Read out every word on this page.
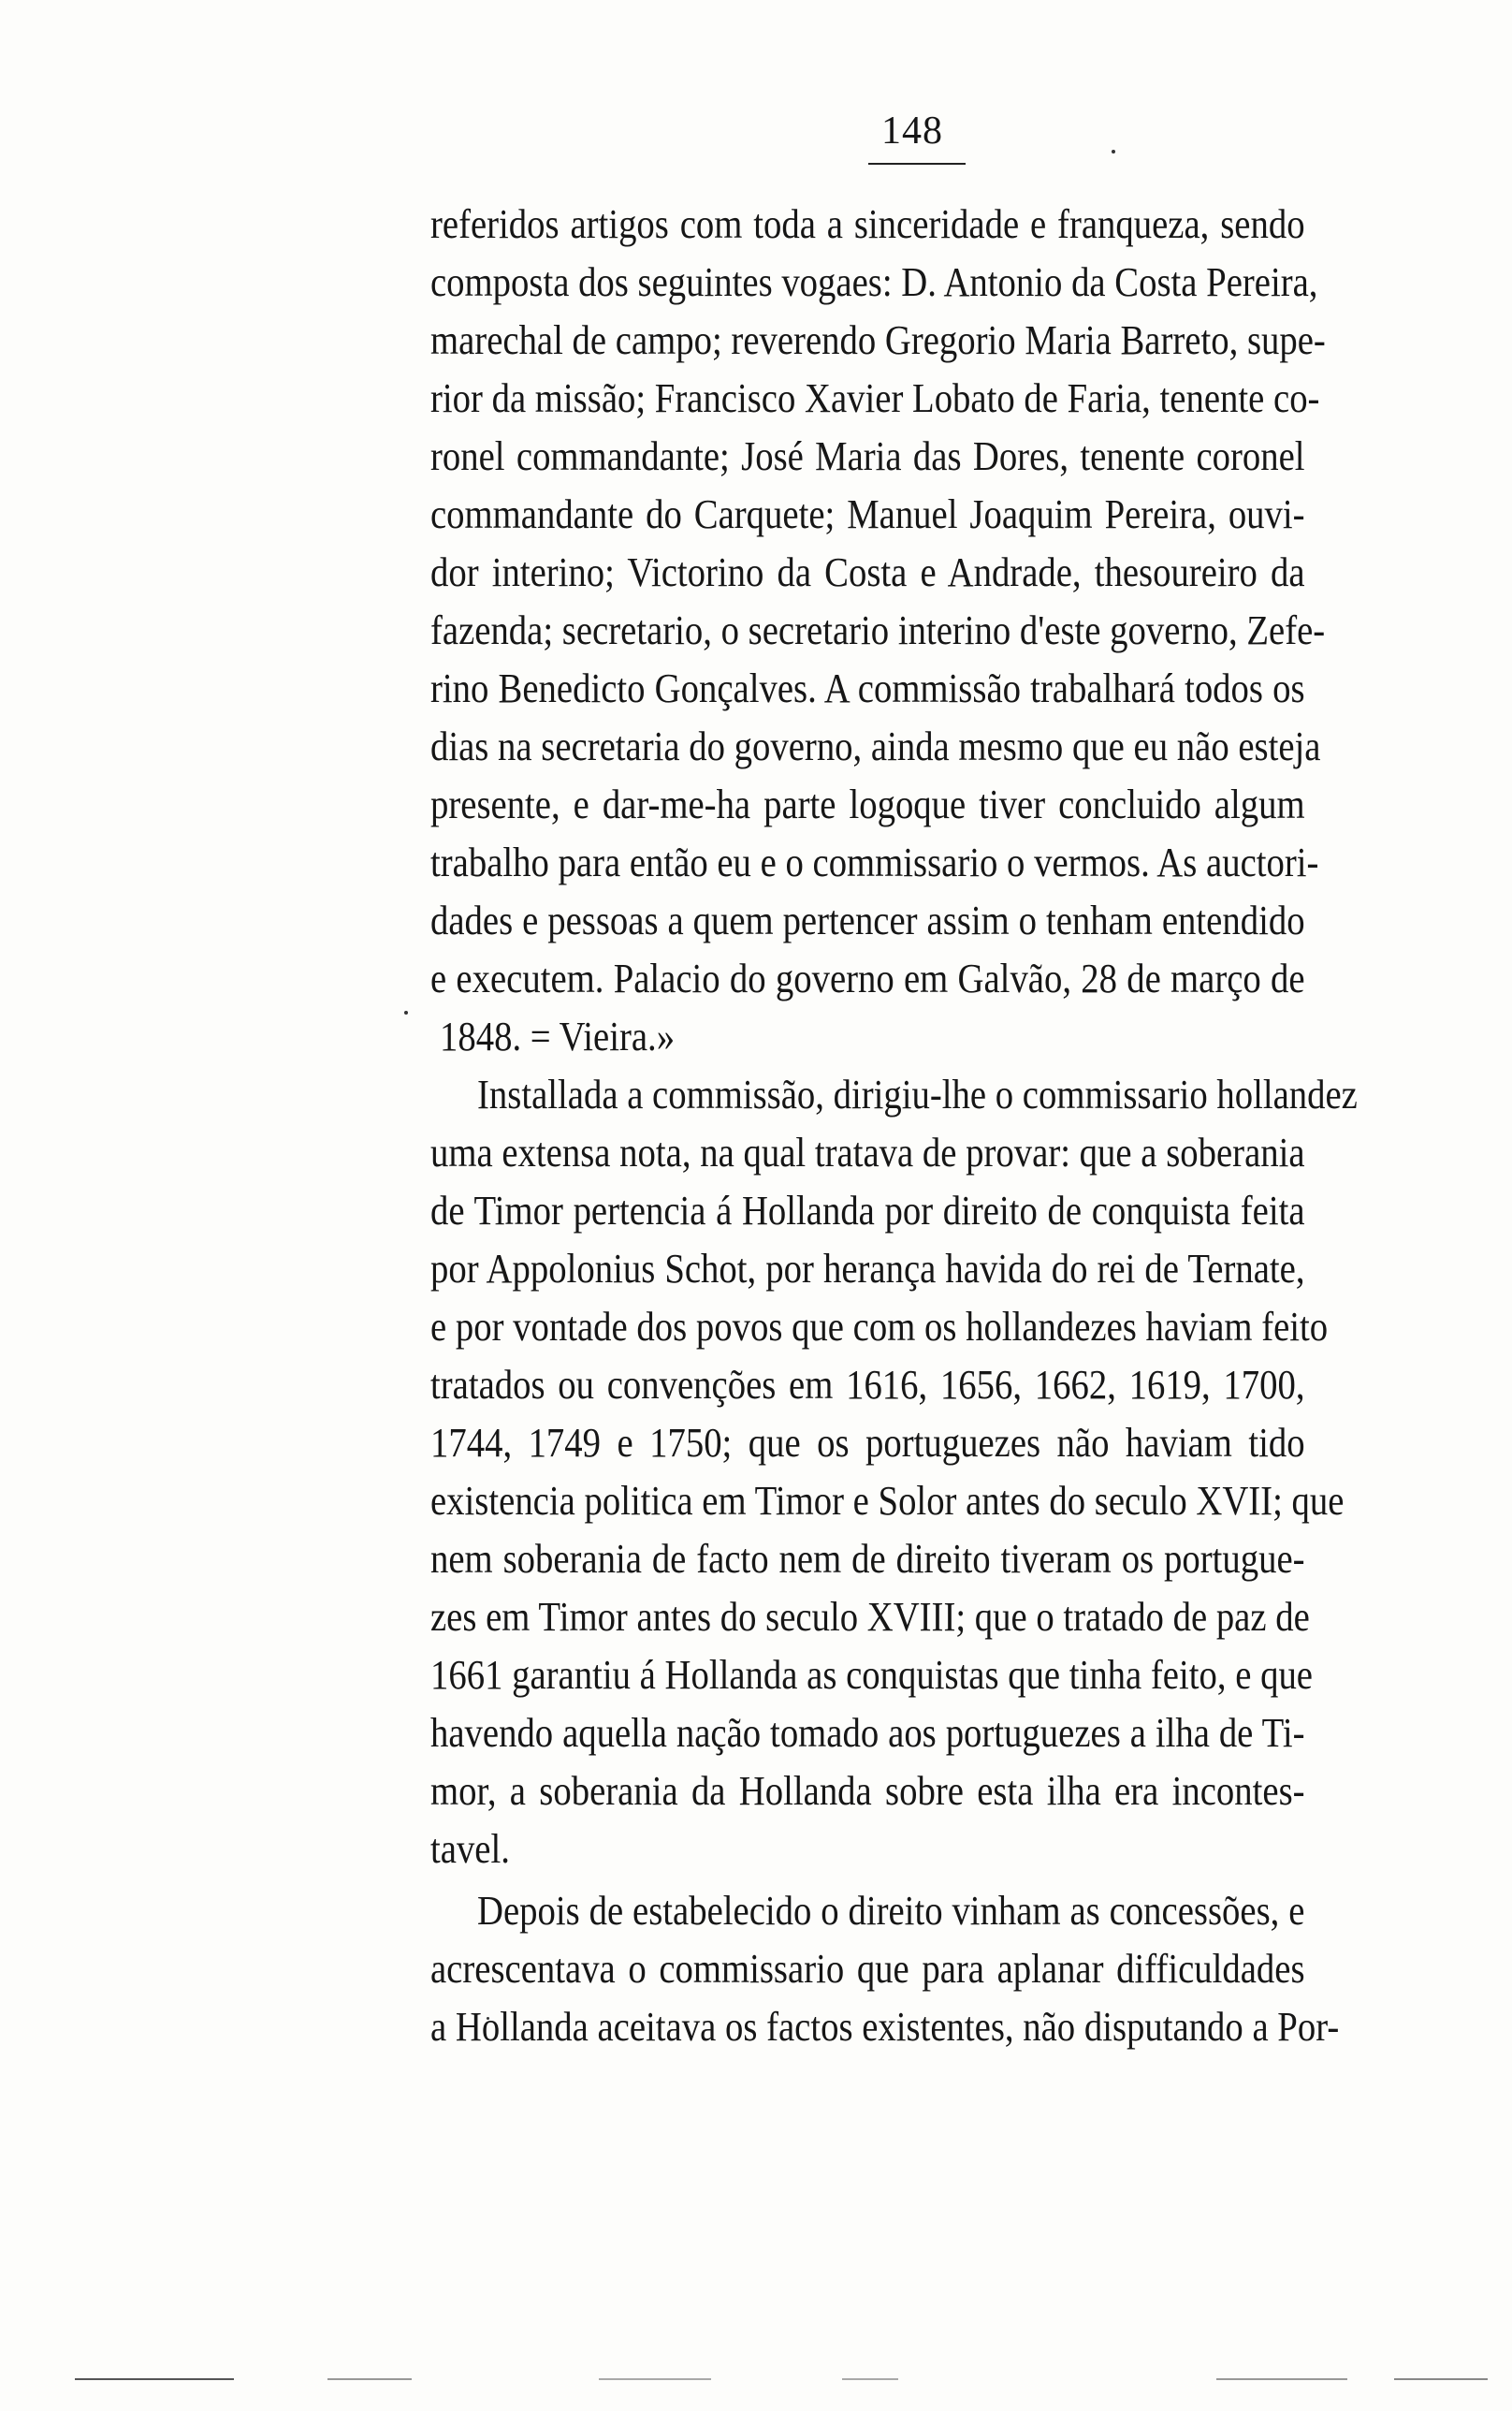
148
referidos artigos com toda a sinceridade e franqueza, sendo
composta dos seguintes vogaes: D. Antonio da Costa Pereira,
marechal de campo; reverendo Gregorio Maria Barreto, supe-
rior da missão; Francisco Xavier Lobato de Faria, tenente co-
ronel commandante; José Maria das Dores, tenente coronel
commandante do Carquete; Manuel Joaquim Pereira, ouvi-
dor interino; Victorino da Costa e Andrade, thesoureiro da
fazenda; secretario, o secretario interino d'este governo, Zefe-
rino Benedicto Gonçalves. A commissão trabalhará todos os
dias na secretaria do governo, ainda mesmo que eu não esteja
presente, e dar-me-ha parte logoque tiver concluido algum
trabalho para então eu e o commissario o vermos. As auctori-
dades e pessoas a quem pertencer assim o tenham entendido
e executem. Palacio do governo em Galvão, 28 de março de
1848. = Vieira.»
Installada a commissão, dirigiu-lhe o commissario hollandez
uma extensa nota, na qual tratava de provar: que a soberania
de Timor pertencia á Hollanda por direito de conquista feita
por Appolonius Schot, por herança havida do rei de Ternate,
e por vontade dos povos que com os hollandezes haviam feito
tratados ou convenções em 1616, 1656, 1662, 1619, 1700,
1744, 1749 e 1750; que os portuguezes não haviam tido
existencia politica em Timor e Solor antes do seculo XVII; que
nem soberania de facto nem de direito tiveram os portugue-
zes em Timor antes do seculo XVIII; que o tratado de paz de
1661 garantiu á Hollanda as conquistas que tinha feito, e que
havendo aquella nação tomado aos portuguezes a ilha de Ti-
mor, a soberania da Hollanda sobre esta ilha era incontes-
tavel.
Depois de estabelecido o direito vinham as concessões, e
acrescentava o commissario que para aplanar difficuldades
a Hollanda aceitava os factos existentes, não disputando a Por-
